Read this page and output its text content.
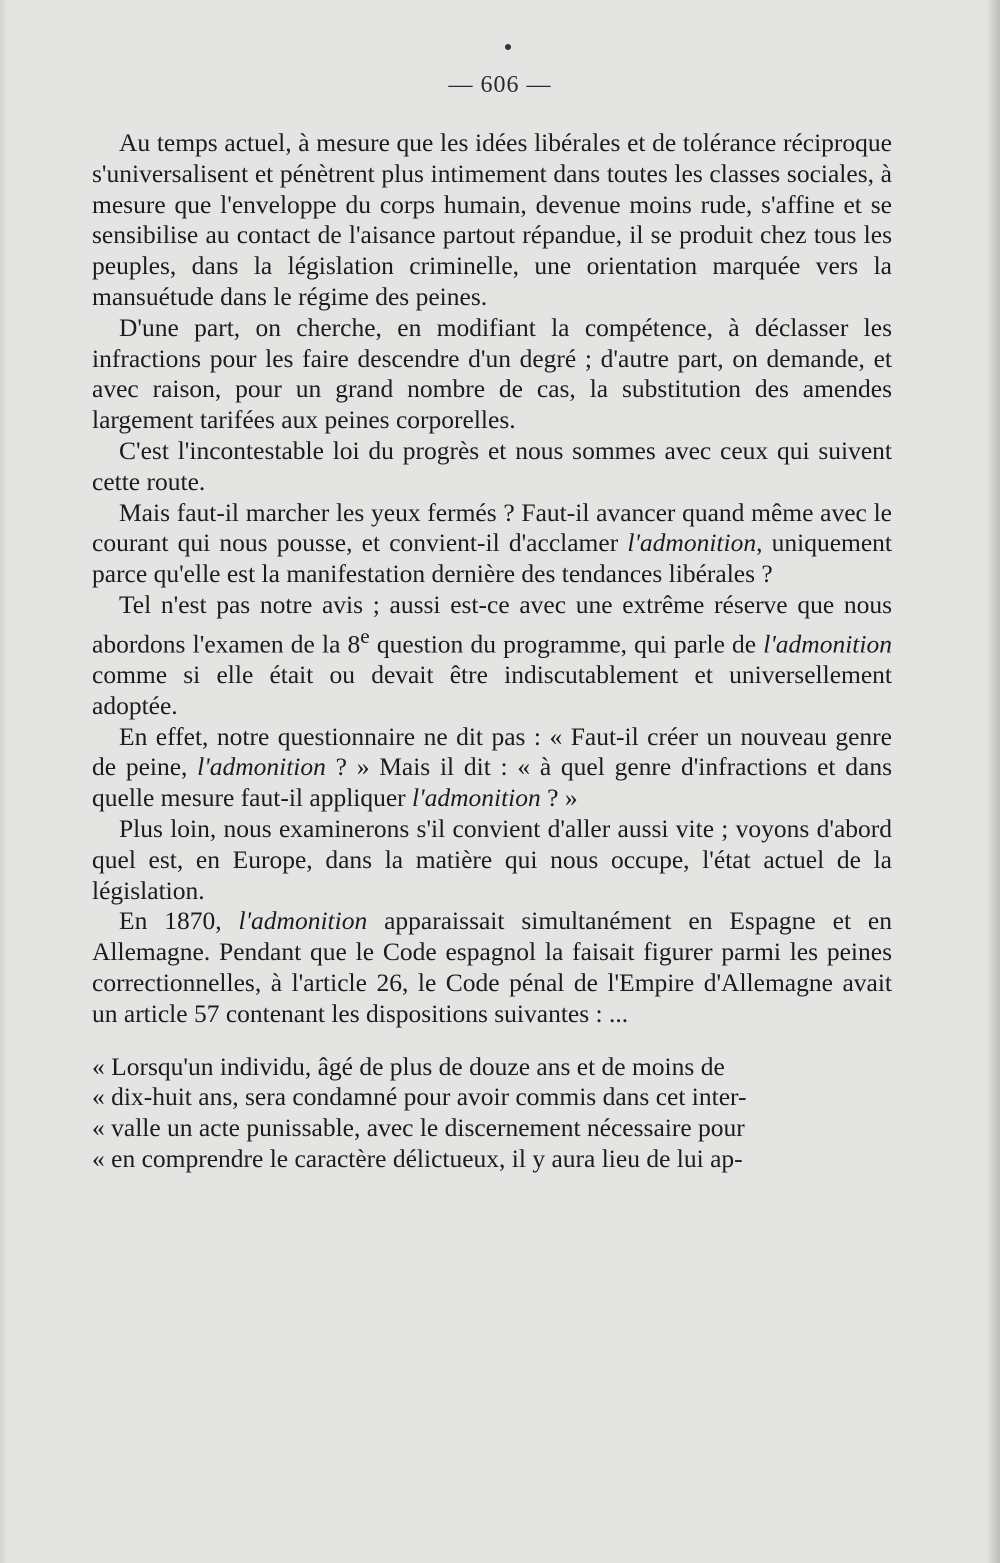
— 606 —

Au temps actuel, à mesure que les idées libérales et de tolérance réciproque s'universalisent et pénètrent plus intimement dans toutes les classes sociales, à mesure que l'enveloppe du corps humain, devenue moins rude, s'affine et se sensibilise au contact de l'aisance partout répandue, il se produit chez tous les peuples, dans la législation criminelle, une orientation marquée vers la mansuétude dans le régime des peines.

D'une part, on cherche, en modifiant la compétence, à déclasser les infractions pour les faire descendre d'un degré ; d'autre part, on demande, et avec raison, pour un grand nombre de cas, la substitution des amendes largement tarifées aux peines corporelles.

C'est l'incontestable loi du progrès et nous sommes avec ceux qui suivent cette route.

Mais faut-il marcher les yeux fermés ? Faut-il avancer quand même avec le courant qui nous pousse, et convient-il d'acclamer l'admonition, uniquement parce qu'elle est la manifestation dernière des tendances libérales ?

Tel n'est pas notre avis ; aussi est-ce avec une extrême réserve que nous abordons l'examen de la 8e question du programme, qui parle de l'admonition comme si elle était ou devait être indiscutablement et universellement adoptée.

En effet, notre questionnaire ne dit pas : « Faut-il créer un nouveau genre de peine, l'admonition ? » Mais il dit : « à quel genre d'infractions et dans quelle mesure faut-il appliquer l'admonition ? »

Plus loin, nous examinerons s'il convient d'aller aussi vite ; voyons d'abord quel est, en Europe, dans la matière qui nous occupe, l'état actuel de la législation.

En 1870, l'admonition apparaissait simultanément en Espagne et en Allemagne. Pendant que le Code espagnol la faisait figurer parmi les peines correctionnelles, à l'article 26, le Code pénal de l'Empire d'Allemagne avait un article 57 contenant les dispositions suivantes : ...

« Lorsqu'un individu, âgé de plus de douze ans et de moins de
« dix-huit ans, sera condamné pour avoir commis dans cet inter-
« valle un acte punissable, avec le discernement nécessaire pour
« en comprendre le caractère délictueux, il y aura lieu de lui ap-
